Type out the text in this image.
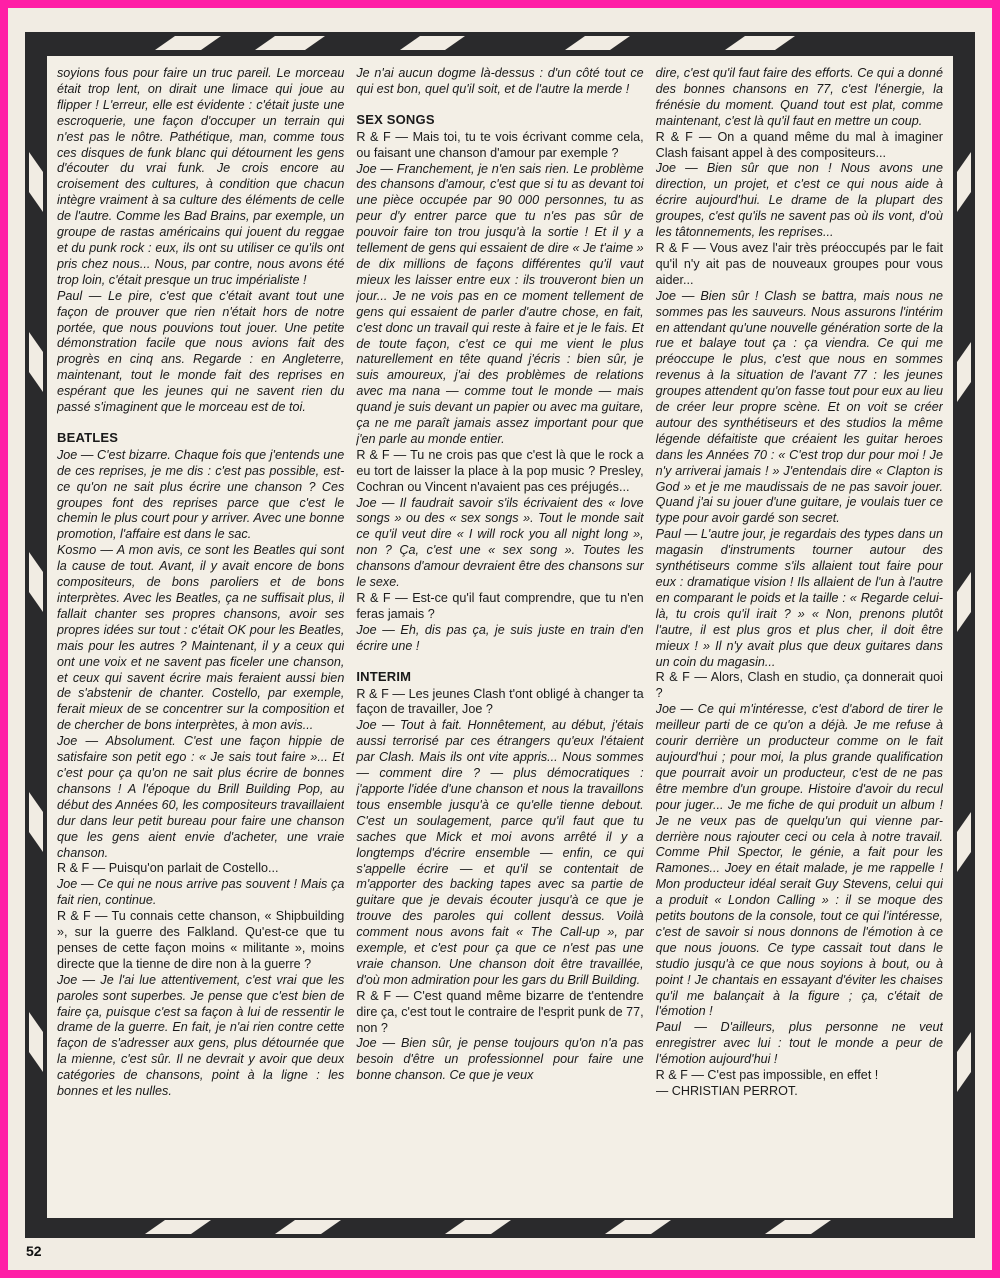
soyions fous pour faire un truc pareil. Le morceau était trop lent, on dirait une limace qui joue au flipper ! L'erreur, elle est évidente : c'était juste une escroquerie, une façon d'occuper un terrain qui n'est pas le nôtre. Pathétique, man, comme tous ces disques de funk blanc qui détournent les gens d'écouter du vrai funk. Je crois encore au croisement des cultures, à condition que chacun intègre vraiment à sa culture des éléments de celle de l'autre. Comme les Bad Brains, par exemple, un groupe de rastas américains qui jouent du reggae et du punk rock : eux, ils ont su utiliser ce qu'ils ont pris chez nous... Nous, par contre, nous avons été trop loin, c'était presque un truc impérialiste !

Paul — Le pire, c'est que c'était avant tout une façon de prouver que rien n'était hors de notre portée, que nous pouvions tout jouer. Une petite démonstration facile que nous avions fait des progrès en cinq ans. Regarde : en Angleterre, maintenant, tout le monde fait des reprises en espérant que les jeunes qui ne savent rien du passé s'imaginent que le morceau est de toi.

BEATLES

Joe — C'est bizarre. Chaque fois que j'entends une de ces reprises, je me dis : c'est pas possible, est-ce qu'on ne sait plus écrire une chanson ? Ces groupes font des reprises parce que c'est le chemin le plus court pour y arriver. Avec une bonne promotion, l'affaire est dans le sac.

Kosmo — A mon avis, ce sont les Beatles qui sont la cause de tout. Avant, il y avait encore de bons compositeurs, de bons paroliers et de bons interprètes. Avec les Beatles, ça ne suffisait plus, il fallait chanter ses propres chansons, avoir ses propres idées sur tout : c'était OK pour les Beatles, mais pour les autres ? Maintenant, il y a ceux qui ont une voix et ne savent pas ficeler une chanson, et ceux qui savent écrire mais feraient aussi bien de s'abstenir de chanter. Costello, par exemple, ferait mieux de se concentrer sur la composition et de chercher de bons interprètes, à mon avis...

Joe — Absolument. C'est une façon hippie de satisfaire son petit ego : « Je sais tout faire »... Et c'est pour ça qu'on ne sait plus écrire de bonnes chansons ! A l'époque du Brill Building Pop, au début des Années 60, les compositeurs travaillaient dur dans leur petit bureau pour faire une chanson que les gens aient envie d'acheter, une vraie chanson.

R & F — Puisqu'on parlait de Costello...

Joe — Ce qui ne nous arrive pas souvent ! Mais ça fait rien, continue.

R & F — Tu connais cette chanson, « Shipbuilding », sur la guerre des Falkland. Qu'est-ce que tu penses de cette façon moins « militante », moins directe que la tienne de dire non à la guerre ?

Joe — Je l'ai lue attentivement, c'est vrai que les paroles sont superbes. Je pense que c'est bien de faire ça, puisque c'est sa façon à lui de ressentir le drame de la guerre. En fait, je n'ai rien contre cette façon de s'adresser aux gens, plus détournée que la mienne, c'est sûr. Il ne devrait y avoir que deux catégories de chansons, point à la ligne : les bonnes et les nulles.

Je n'ai aucun dogme là-dessus : d'un côté tout ce qui est bon, quel qu'il soit, et de l'autre la merde !

SEX SONGS

R & F — Mais toi, tu te vois écrivant comme cela, ou faisant une chanson d'amour par exemple ?

Joe — Franchement, je n'en sais rien. Le problème des chansons d'amour, c'est que si tu as devant toi une pièce occupée par 90 000 personnes, tu as peur d'y entrer parce que tu n'es pas sûr de pouvoir faire ton trou jusqu'à la sortie ! Et il y a tellement de gens qui essaient de dire « Je t'aime » de dix millions de façons différentes qu'il vaut mieux les laisser entre eux : ils trouveront bien un jour... Je ne vois pas en ce moment tellement de gens qui essaient de parler d'autre chose, en fait, c'est donc un travail qui reste à faire et je le fais. Et de toute façon, c'est ce qui me vient le plus naturellement en tête quand j'écris : bien sûr, je suis amoureux, j'ai des problèmes de relations avec ma nana — comme tout le monde — mais quand je suis devant un papier ou avec ma guitare, ça ne me paraît jamais assez important pour que j'en parle au monde entier.

R & F — Tu ne crois pas que c'est là que le rock a eu tort de laisser la place à la pop music ? Presley, Cochran ou Vincent n'avaient pas ces préjugés...

Joe — Il faudrait savoir s'ils écrivaient des « love songs » ou des « sex songs ». Tout le monde sait ce qu'il veut dire « I will rock you all night long », non ? Ça, c'est une « sex song ». Toutes les chansons d'amour devraient être des chansons sur le sexe.

R & F — Est-ce qu'il faut comprendre, que tu n'en feras jamais ?

Joe — Eh, dis pas ça, je suis juste en train d'en écrire une !

INTERIM

R & F — Les jeunes Clash t'ont obligé à changer ta façon de travailler, Joe ?

Joe — Tout à fait. Honnêtement, au début, j'étais aussi terrorisé par ces étrangers qu'eux l'étaient par Clash. Mais ils ont vite appris... Nous sommes — comment dire ? — plus démocratiques : j'apporte l'idée d'une chanson et nous la travaillons tous ensemble jusqu'à ce qu'elle tienne debout. C'est un soulagement, parce qu'il faut que tu saches que Mick et moi avons arrêté il y a longtemps d'écrire ensemble — enfin, ce qui s'appelle écrire — et qu'il se contentait de m'apporter des backing tapes avec sa partie de guitare que je devais écouter jusqu'à ce que je trouve des paroles qui collent dessus. Voilà comment nous avons fait « The Call-up », par exemple, et c'est pour ça que ce n'est pas une vraie chanson. Une chanson doit être travaillée, d'où mon admiration pour les gars du Brill Building.

R & F — C'est quand même bizarre de t'entendre dire ça, c'est tout le contraire de l'esprit punk de 77, non ?

Joe — Bien sûr, je pense toujours qu'on n'a pas besoin d'être un professionnel pour faire une bonne chanson. Ce que je veux

dire, c'est qu'il faut faire des efforts. Ce qui a donné des bonnes chansons en 77, c'est l'énergie, la frénésie du moment. Quand tout est plat, comme maintenant, c'est là qu'il faut en mettre un coup.

R & F — On a quand même du mal à imaginer Clash faisant appel à des compositeurs...

Joe — Bien sûr que non ! Nous avons une direction, un projet, et c'est ce qui nous aide à écrire aujourd'hui. Le drame de la plupart des groupes, c'est qu'ils ne savent pas où ils vont, d'où les tâtonnements, les reprises...

R & F — Vous avez l'air très préoccupés par le fait qu'il n'y ait pas de nouveaux groupes pour vous aider...

Joe — Bien sûr ! Clash se battra, mais nous ne sommes pas les sauveurs. Nous assurons l'intérim en attendant qu'une nouvelle génération sorte de la rue et balaye tout ça : ça viendra. Ce qui me préoccupe le plus, c'est que nous en sommes revenus à la situation de l'avant 77 : les jeunes groupes attendent qu'on fasse tout pour eux au lieu de créer leur propre scène. Et on voit se créer autour des synthétiseurs et des studios la même légende défaitiste que créaient les guitar heroes dans les Années 70 : « C'est trop dur pour moi ! Je n'y arriverai jamais ! » J'entendais dire « Clapton is God » et je me maudissais de ne pas savoir jouer. Quand j'ai su jouer d'une guitare, je voulais tuer ce type pour avoir gardé son secret.

Paul — L'autre jour, je regardais des types dans un magasin d'instruments tourner autour des synthétiseurs comme s'ils allaient tout faire pour eux : dramatique vision ! Ils allaient de l'un à l'autre en comparant le poids et la taille : « Regarde celui-là, tu crois qu'il irait ? » « Non, prenons plutôt l'autre, il est plus gros et plus cher, il doit être mieux ! » Il n'y avait plus que deux guitares dans un coin du magasin...

R & F — Alors, Clash en studio, ça donnerait quoi ?

Joe — Ce qui m'intéresse, c'est d'abord de tirer le meilleur parti de ce qu'on a déjà. Je me refuse à courir derrière un producteur comme on le fait aujourd'hui ; pour moi, la plus grande qualification que pourrait avoir un producteur, c'est de ne pas être membre d'un groupe. Histoire d'avoir du recul pour juger... Je me fiche de qui produit un album ! Je ne veux pas de quelqu'un qui vienne par-derrière nous rajouter ceci ou cela à notre travail. Comme Phil Spector, le génie, a fait pour les Ramones... Joey en était malade, je me rappelle ! Mon producteur idéal serait Guy Stevens, celui qui a produit « London Calling » : il se moque des petits boutons de la console, tout ce qui l'intéresse, c'est de savoir si nous donnons de l'émotion à ce que nous jouons. Ce type cassait tout dans le studio jusqu'à ce que nous soyions à bout, ou à point ! Je chantais en essayant d'éviter les chaises qu'il me balançait à la figure ; ça, c'était de l'émotion !

Paul — D'ailleurs, plus personne ne veut enregistrer avec lui : tout le monde a peur de l'émotion aujourd'hui !

R & F — C'est pas impossible, en effet !

— CHRISTIAN PERROT.

52
